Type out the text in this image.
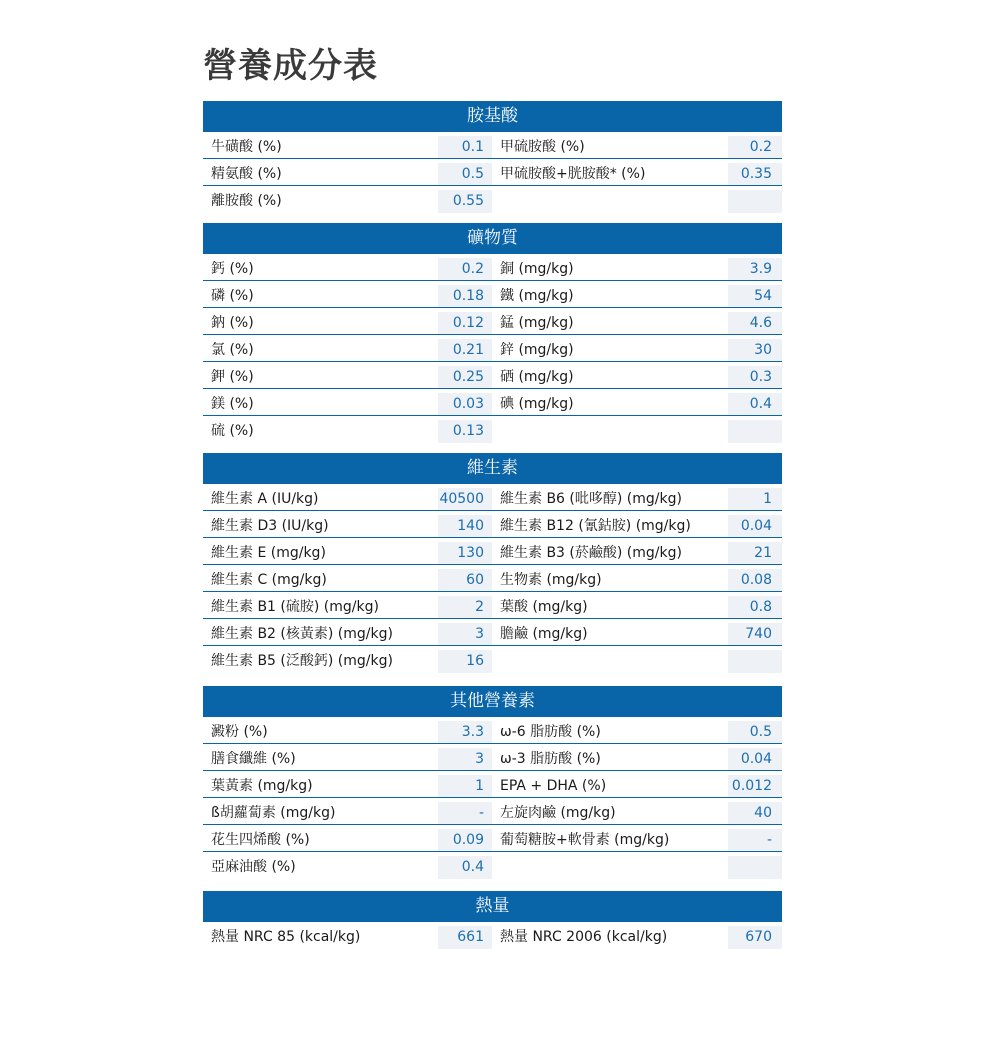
營養成分表
胺基酸
牛磺酸 (%)	0.1	甲硫胺酸 (%)	0.2
精氨酸 (%)	0.5	甲硫胺酸+胱胺酸* (%)	0.35
離胺酸 (%)	0.55
礦物質
鈣 (%)	0.2	銅 (mg/kg)	3.9
磷 (%)	0.18	鐵 (mg/kg)	54
鈉 (%)	0.12	錳 (mg/kg)	4.6
氯 (%)	0.21	鋅 (mg/kg)	30
鉀 (%)	0.25	硒 (mg/kg)	0.3
鎂 (%)	0.03	碘 (mg/kg)	0.4
硫 (%)	0.13
維生素
維生素 A (IU/kg)	40500	維生素 B6 (吡哆醇) (mg/kg)	1
維生素 D3 (IU/kg)	140	維生素 B12 (氰鈷胺) (mg/kg)	0.04
維生素 E (mg/kg)	130	維生素 B3 (菸鹼酸) (mg/kg)	21
維生素 C (mg/kg)	60	生物素 (mg/kg)	0.08
維生素 B1 (硫胺) (mg/kg)	2	葉酸 (mg/kg)	0.8
維生素 B2 (核黃素) (mg/kg)	3	膽鹼 (mg/kg)	740
維生素 B5 (泛酸鈣) (mg/kg)	16
其他營養素
澱粉 (%)	3.3	ω-6 脂肪酸 (%)	0.5
膳食纖維 (%)	3	ω-3 脂肪酸 (%)	0.04
葉黃素 (mg/kg)	1	EPA + DHA (%)	0.012
ß胡蘿蔔素 (mg/kg)	-	左旋肉鹼 (mg/kg)	40
花生四烯酸 (%)	0.09	葡萄糖胺+軟骨素 (mg/kg)	-
亞麻油酸 (%)	0.4
熱量
熱量 NRC 85 (kcal/kg)	661	熱量 NRC 2006 (kcal/kg)	670
